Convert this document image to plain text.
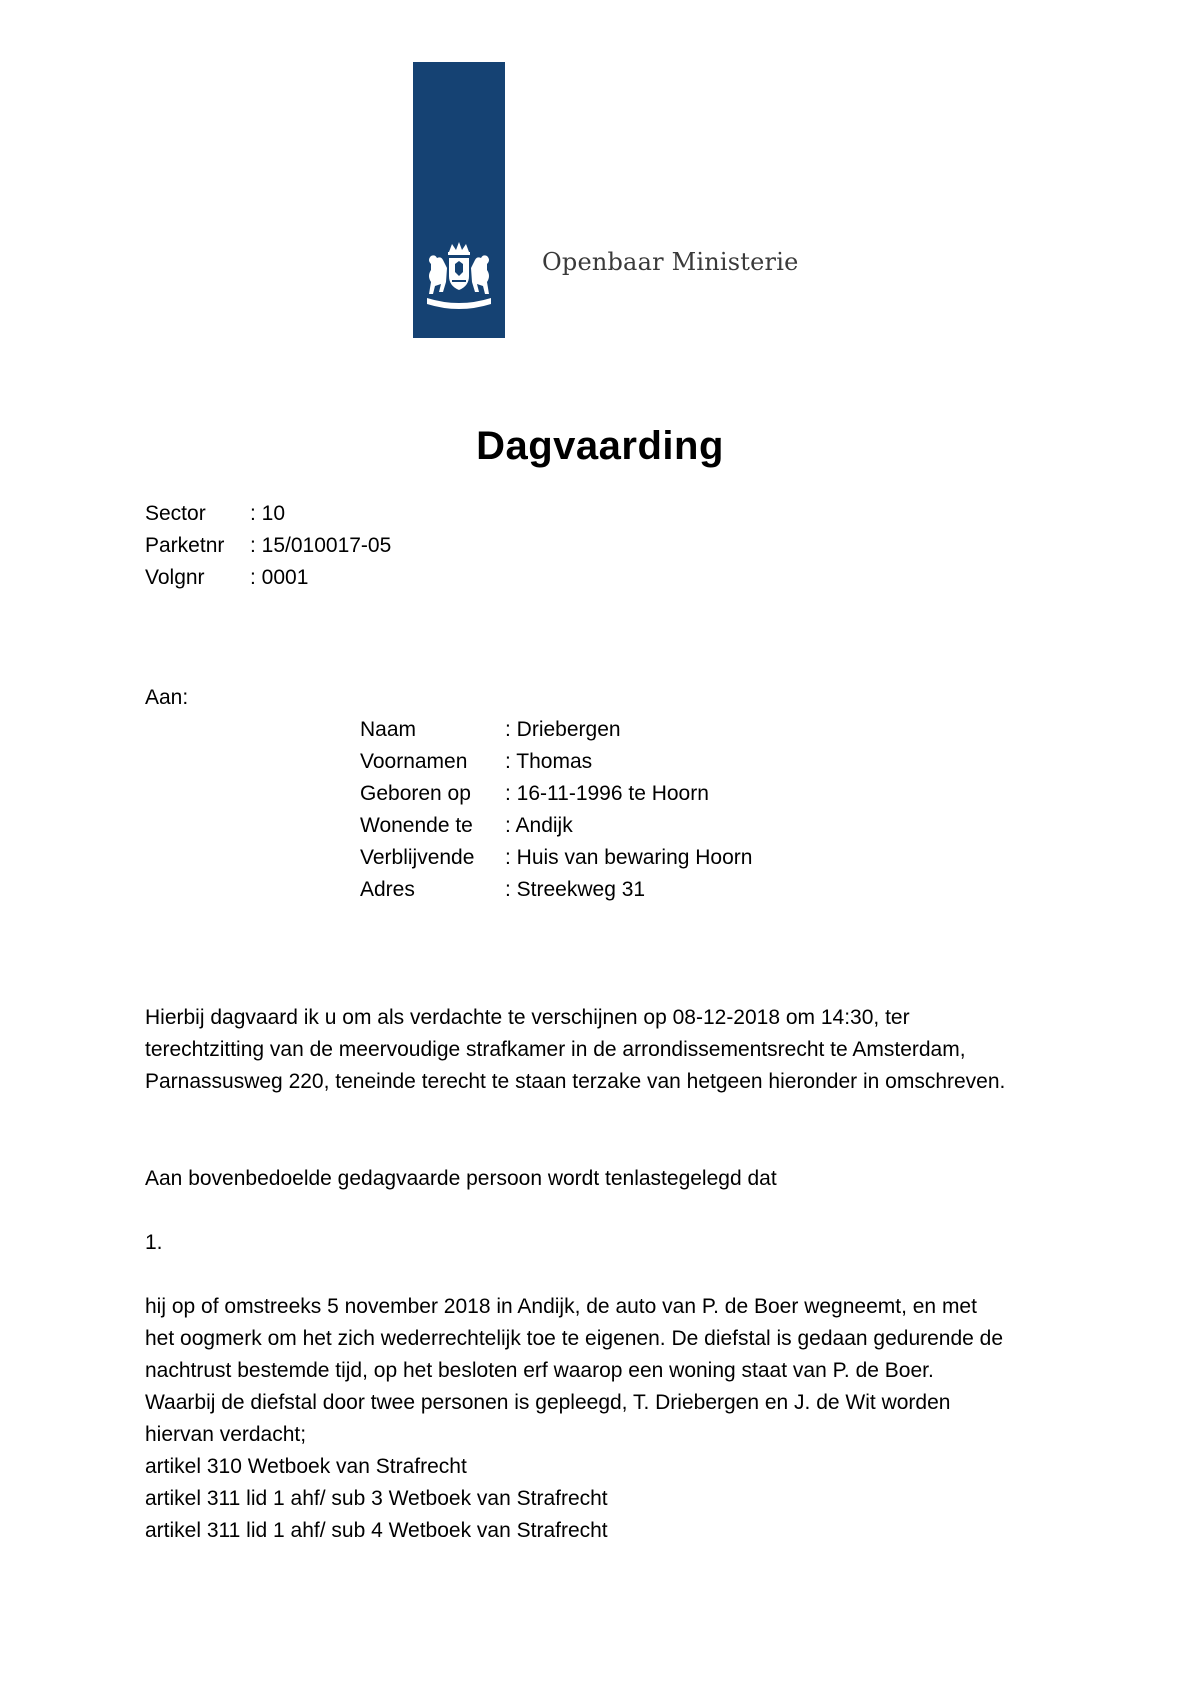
Openbaar Ministerie
Dagvaarding
Sector	: 10
Parketnr	: 15/010017-05
Volgnr	: 0001
Aan:
Naam	: Driebergen
Voornamen	: Thomas
Geboren op	: 16-11-1996 te Hoorn
Wonende te	: Andijk
Verblijvende	: Huis van bewaring Hoorn
Adres	: Streekweg 31
Hierbij dagvaard ik u om als verdachte te verschijnen op 08-12-2018 om 14:30, ter
terechtzitting van de meervoudige strafkamer in de arrondissementsrecht te Amsterdam,
Parnassusweg 220, teneinde terecht te staan terzake van hetgeen hieronder in omschreven.
Aan bovenbedoelde gedagvaarde persoon wordt tenlastegelegd dat
1.
hij op of omstreeks 5 november 2018 in Andijk, de auto van P. de Boer wegneemt, en met
het oogmerk om het zich wederrechtelijk toe te eigenen. De diefstal is gedaan gedurende de
nachtrust bestemde tijd, op het besloten erf waarop een woning staat van P. de Boer.
Waarbij de diefstal door twee personen is gepleegd, T. Driebergen en J. de Wit worden
hiervan verdacht;
artikel 310 Wetboek van Strafrecht
artikel 311 lid 1 ahf/ sub 3 Wetboek van Strafrecht
artikel 311 lid 1 ahf/ sub 4 Wetboek van Strafrecht
